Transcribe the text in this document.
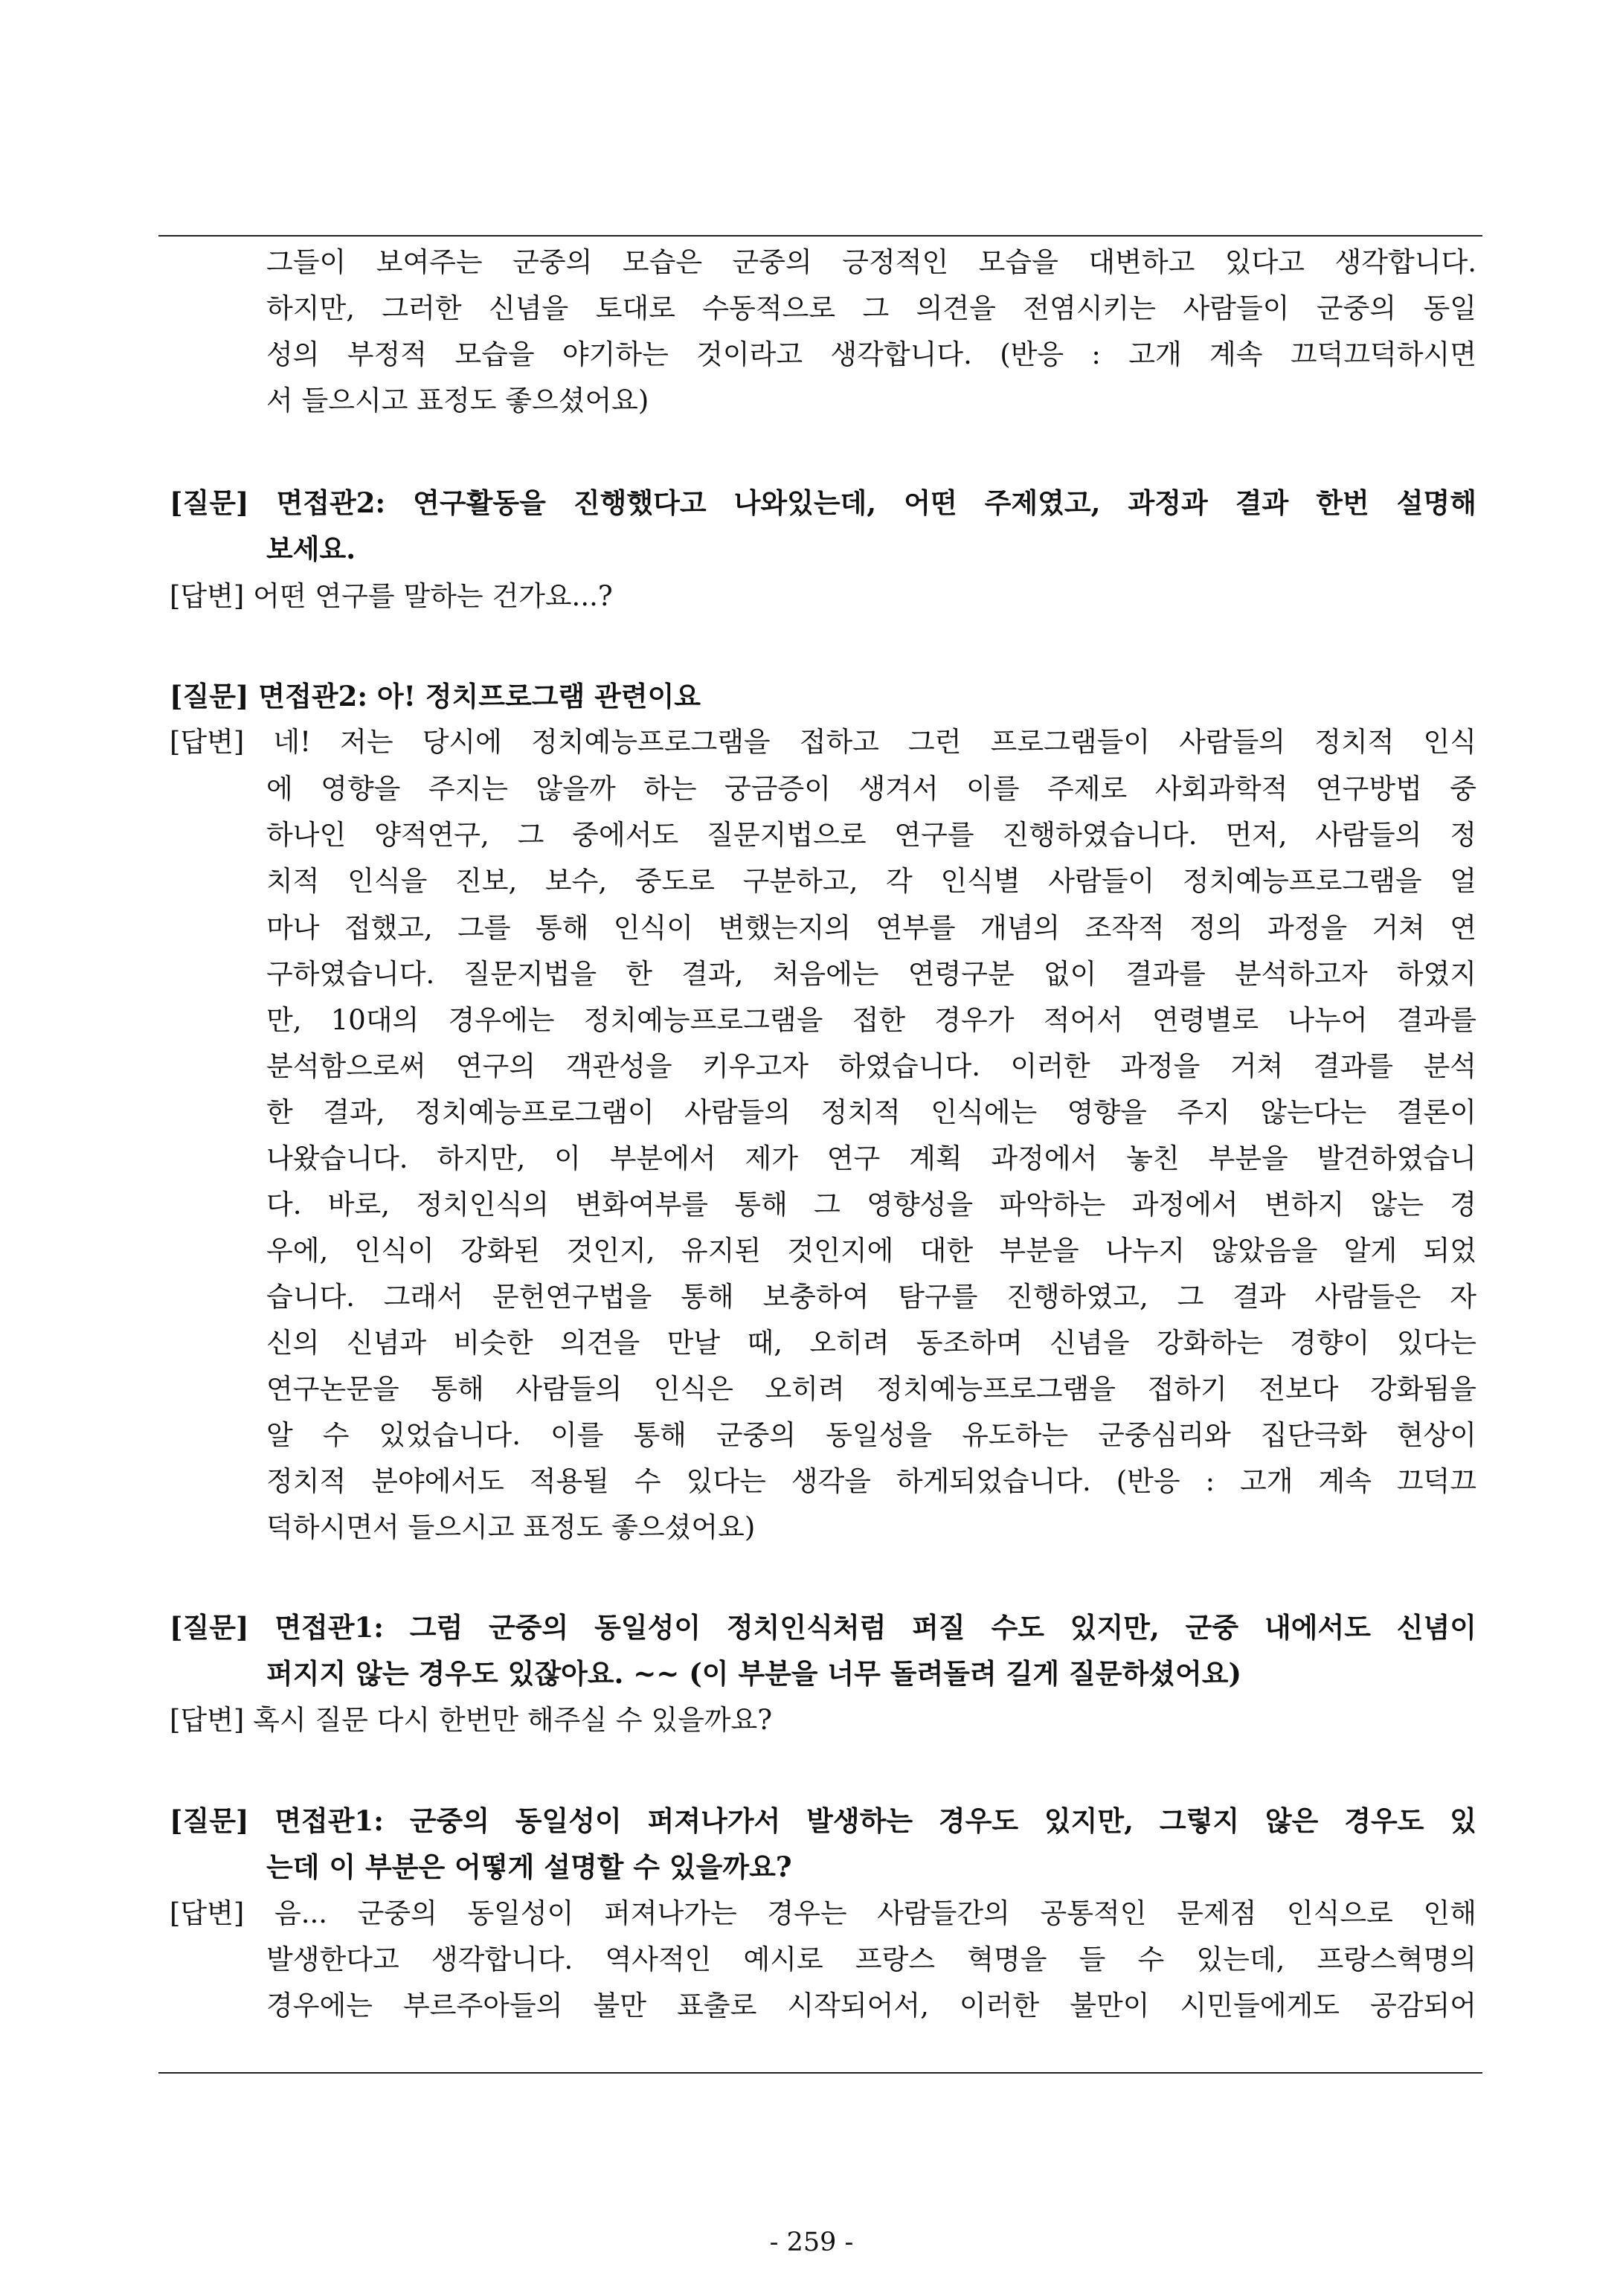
그들이 보여주는 군중의 모습은 군중의 긍정적인 모습을 대변하고 있다고 생각합니다.
하지만, 그러한 신념을 토대로 수동적으로 그 의견을 전염시키는 사람들이 군중의 동일
성의 부정적 모습을 야기하는 것이라고 생각합니다. (반응 : 고개 계속 끄덕끄덕하시면
서 들으시고 표정도 좋으셨어요)
[질문] 면접관2: 연구활동을 진행했다고 나와있는데, 어떤 주제였고, 과정과 결과 한번 설명해
보세요.
[답변] 어떤 연구를 말하는 건가요...?
[질문] 면접관2: 아! 정치프로그램 관련이요
[답변] 네! 저는 당시에 정치예능프로그램을 접하고 그런 프로그램들이 사람들의 정치적 인식
에 영향을 주지는 않을까 하는 궁금증이 생겨서 이를 주제로 사회과학적 연구방법 중
하나인 양적연구, 그 중에서도 질문지법으로 연구를 진행하였습니다. 먼저, 사람들의 정
치적 인식을 진보, 보수, 중도로 구분하고, 각 인식별 사람들이 정치예능프로그램을 얼
마나 접했고, 그를 통해 인식이 변했는지의 연부를 개념의 조작적 정의 과정을 거쳐 연
구하였습니다. 질문지법을 한 결과, 처음에는 연령구분 없이 결과를 분석하고자 하였지
만, 10대의 경우에는 정치예능프로그램을 접한 경우가 적어서 연령별로 나누어 결과를
분석함으로써 연구의 객관성을 키우고자 하였습니다. 이러한 과정을 거쳐 결과를 분석
한 결과, 정치예능프로그램이 사람들의 정치적 인식에는 영향을 주지 않는다는 결론이
나왔습니다. 하지만, 이 부분에서 제가 연구 계획 과정에서 놓친 부분을 발견하였습니
다. 바로, 정치인식의 변화여부를 통해 그 영향성을 파악하는 과정에서 변하지 않는 경
우에, 인식이 강화된 것인지, 유지된 것인지에 대한 부분을 나누지 않았음을 알게 되었
습니다. 그래서 문헌연구법을 통해 보충하여 탐구를 진행하였고, 그 결과 사람들은 자
신의 신념과 비슷한 의견을 만날 때, 오히려 동조하며 신념을 강화하는 경향이 있다는
연구논문을 통해 사람들의 인식은 오히려 정치예능프로그램을 접하기 전보다 강화됨을
알 수 있었습니다. 이를 통해 군중의 동일성을 유도하는 군중심리와 집단극화 현상이
정치적 분야에서도 적용될 수 있다는 생각을 하게되었습니다. (반응 : 고개 계속 끄덕끄
덕하시면서 들으시고 표정도 좋으셨어요)
[질문] 면접관1: 그럼 군중의 동일성이 정치인식처럼 퍼질 수도 있지만, 군중 내에서도 신념이
퍼지지 않는 경우도 있잖아요. ~~ (이 부분을 너무 돌려돌려 길게 질문하셨어요)
[답변] 혹시 질문 다시 한번만 해주실 수 있을까요?
[질문] 면접관1: 군중의 동일성이 퍼져나가서 발생하는 경우도 있지만, 그렇지 않은 경우도 있
는데 이 부분은 어떻게 설명할 수 있을까요?
[답변] 음... 군중의 동일성이 퍼져나가는 경우는 사람들간의 공통적인 문제점 인식으로 인해
발생한다고 생각합니다. 역사적인 예시로 프랑스 혁명을 들 수 있는데, 프랑스혁명의
경우에는 부르주아들의 불만 표출로 시작되어서, 이러한 불만이 시민들에게도 공감되어
- 259 -
